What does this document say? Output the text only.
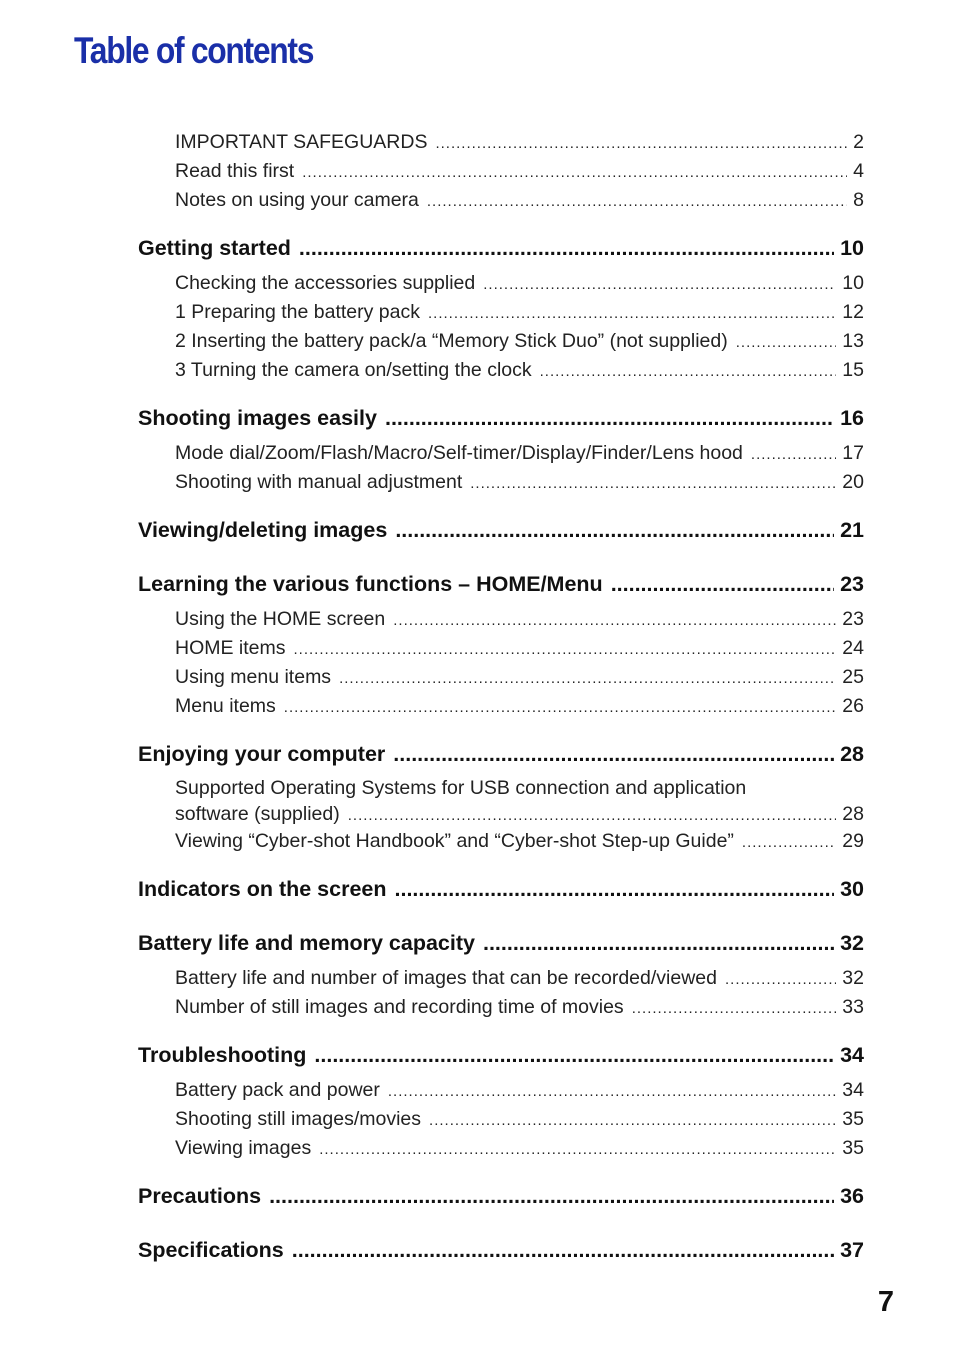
Table of contents
IMPORTANT SAFEGUARDS .....	2
Read this first .....	4
Notes on using your camera .....	8
Getting started .....	10
Checking the accessories supplied .....	10
1 Preparing the battery pack .....	12
2 Inserting the battery pack/a “Memory Stick Duo” (not supplied) .....	13
3 Turning the camera on/setting the clock .....	15
Shooting images easily .....	16
Mode dial/Zoom/Flash/Macro/Self-timer/Display/Finder/Lens hood .....	17
Shooting with manual adjustment .....	20
Viewing/deleting images .....	21
Learning the various functions – HOME/Menu .....	23
Using the HOME screen .....	23
HOME items .....	24
Using menu items .....	25
Menu items .....	26
Enjoying your computer .....	28
Supported Operating Systems for USB connection and application
software (supplied) .....	28
Viewing “Cyber-shot Handbook” and “Cyber-shot Step-up Guide” .....	29
Indicators on the screen .....	30
Battery life and memory capacity .....	32
Battery life and number of images that can be recorded/viewed .....	32
Number of still images and recording time of movies .....	33
Troubleshooting .....	34
Battery pack and power .....	34
Shooting still images/movies .....	35
Viewing images .....	35
Precautions .....	36
Specifications .....	37
7
